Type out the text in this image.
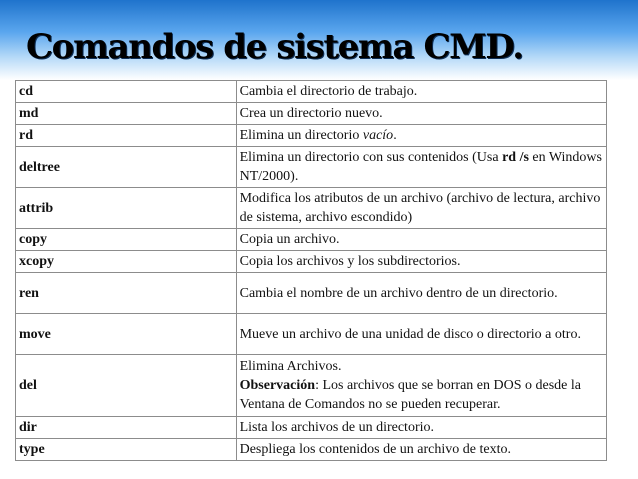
Comandos de sistema CMD.
cd	Cambia el directorio de trabajo.
md	Crea un directorio nuevo.
rd	Elimina un directorio vacío.
deltree	Elimina un directorio con sus contenidos (Usa rd /s en Windows NT/2000).
attrib	Modifica los atributos de un archivo (archivo de lectura, archivo de sistema, archivo escondido)
copy	Copia un archivo.
xcopy	Copia los archivos y los subdirectorios.
ren	Cambia el nombre de un archivo dentro de un directorio.
move	Mueve un archivo de una unidad de disco o directorio a otro.
del	Elimina Archivos.
Observación: Los archivos que se borran en DOS o desde la Ventana de Comandos no se pueden recuperar.
dir	Lista los archivos de un directorio.
type	Despliega los contenidos de un archivo de texto.
